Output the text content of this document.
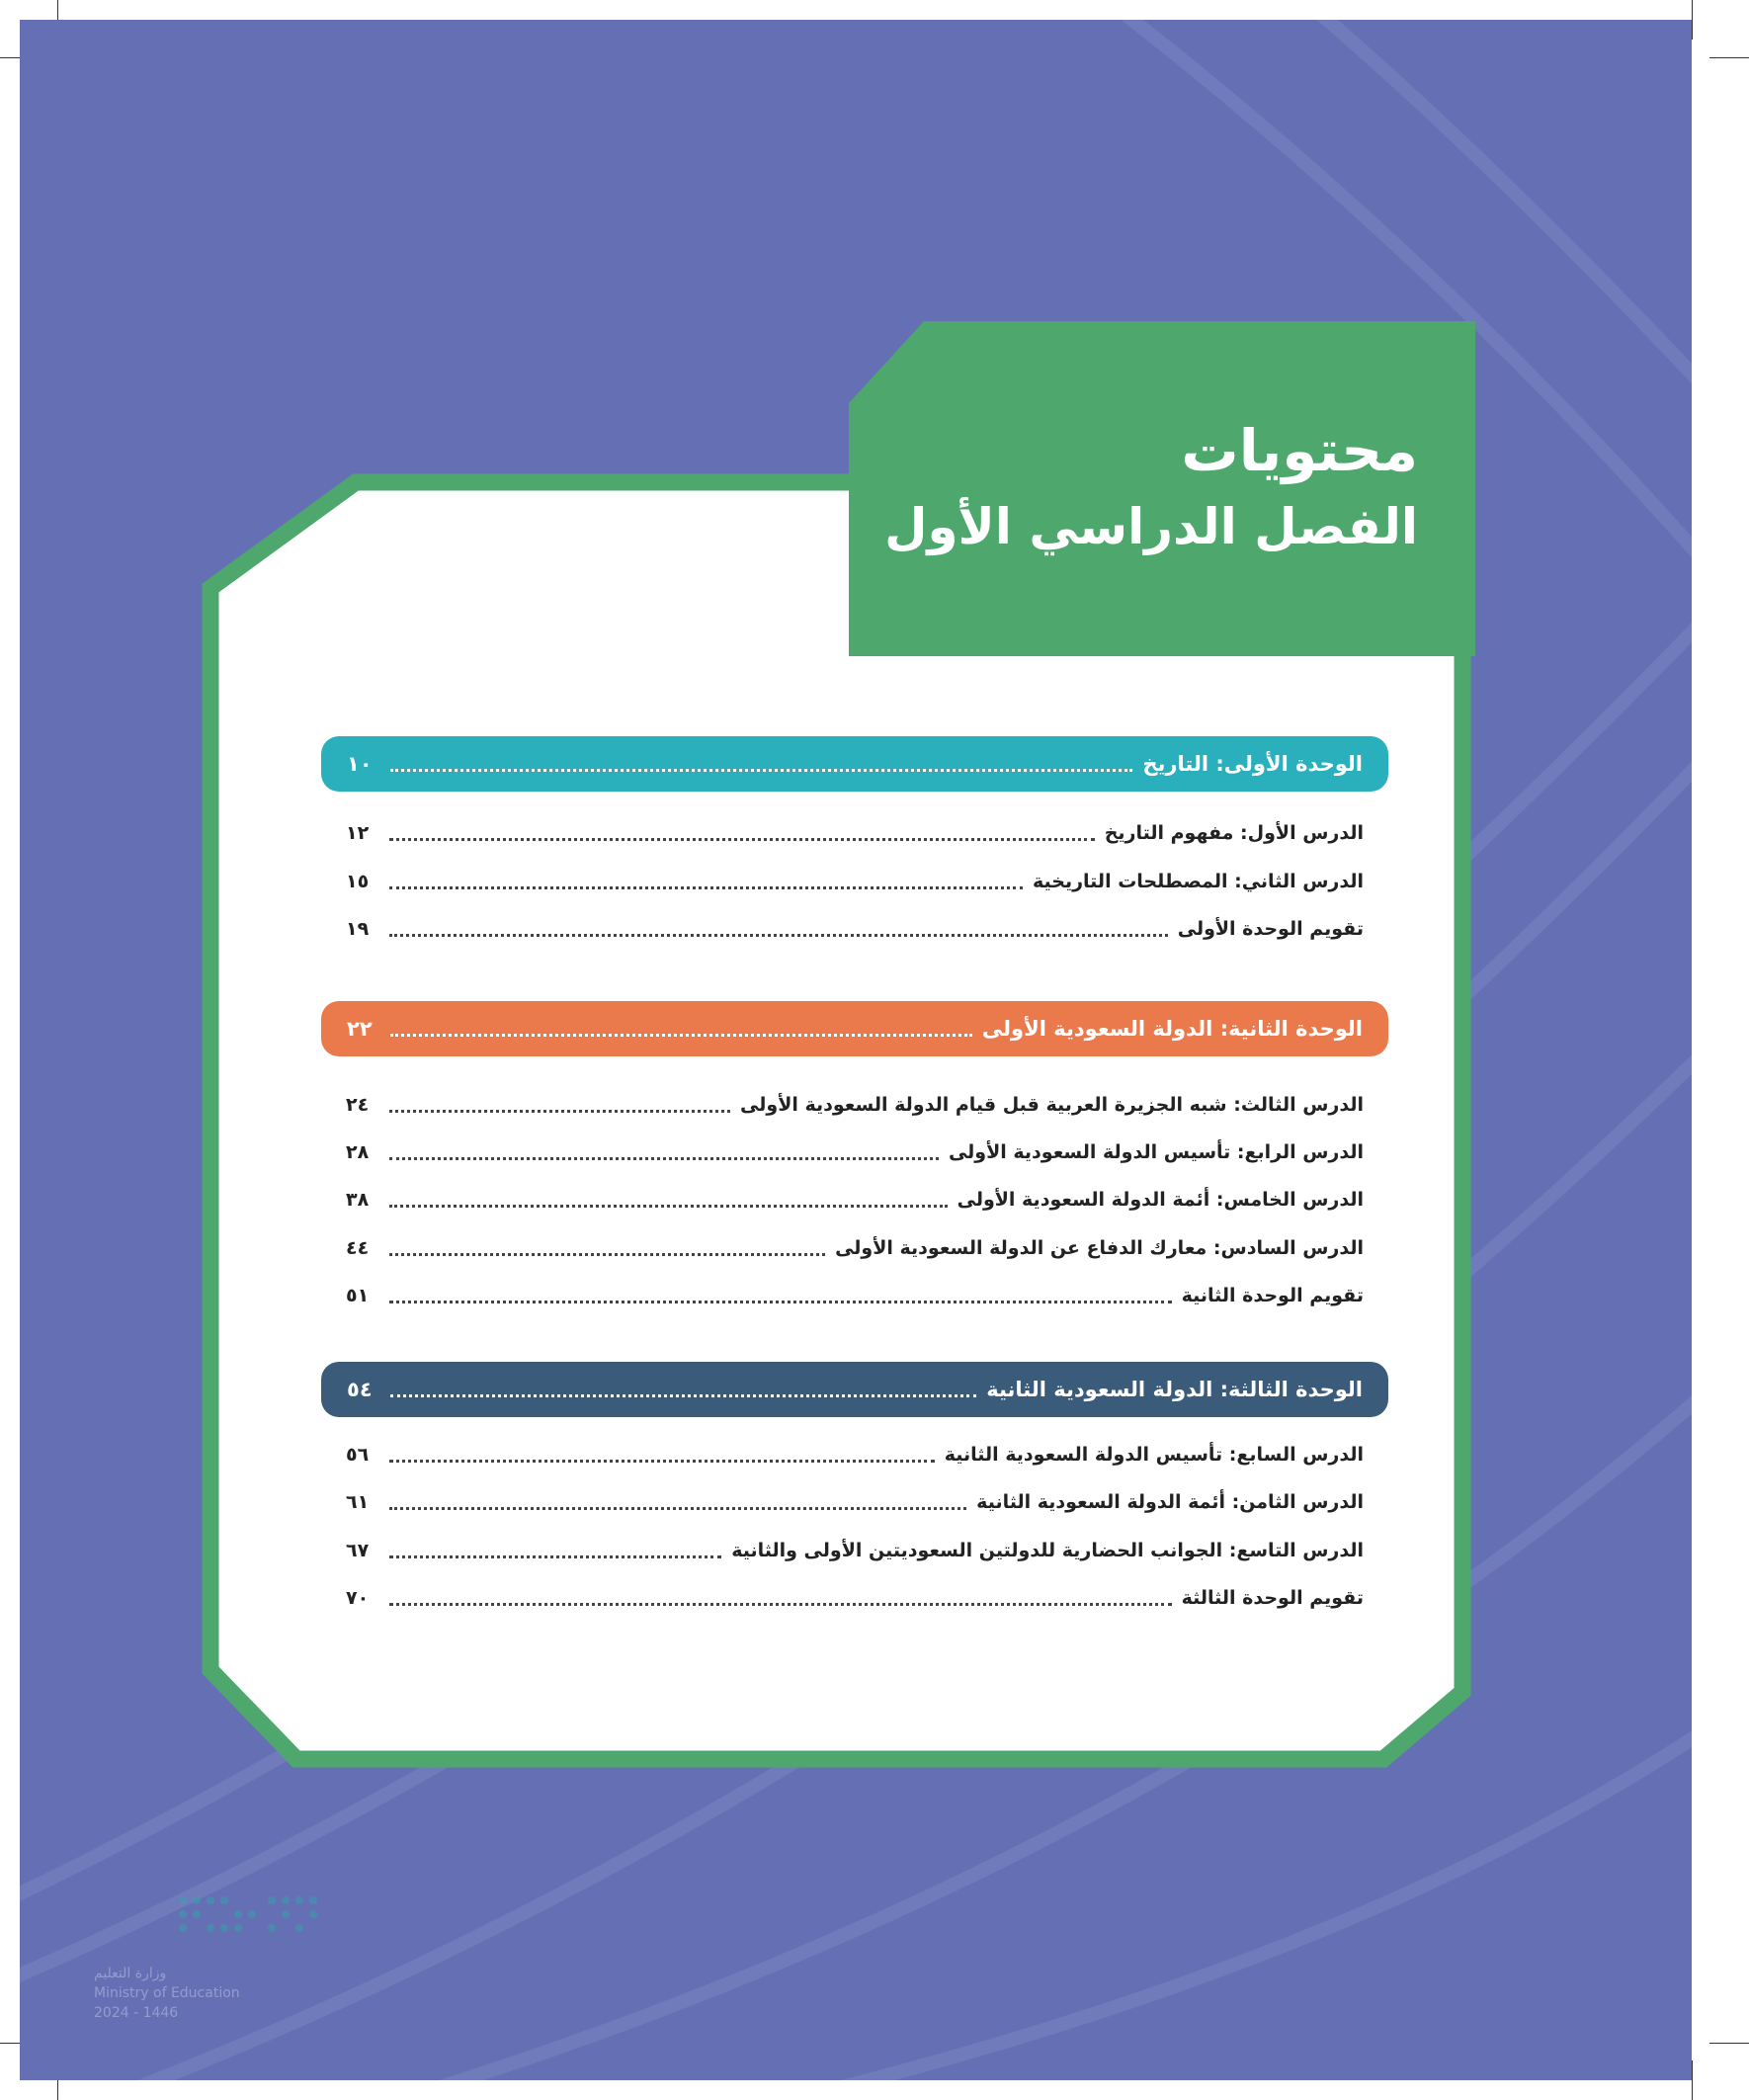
محتويات

الفصل الدراسي الأول

الوحدة الأولى: التاريخ
١٠
الدرس الأول: مفهوم التاريخ
١٢
الدرس الثاني: المصطلحات التاريخية
١٥
تقويم الوحدة الأولى
١٩
الوحدة الثانية: الدولة السعودية الأولى
٢٢
الدرس الثالث: شبه الجزيرة العربية قبل قيام الدولة السعودية الأولى
٢٤
الدرس الرابع: تأسيس الدولة السعودية الأولى
٢٨
الدرس الخامس: أئمة الدولة السعودية الأولى
٣٨
الدرس السادس: معارك الدفاع عن الدولة السعودية الأولى
٤٤
تقويم الوحدة الثانية
٥١
الوحدة الثالثة: الدولة السعودية الثانية
٥٤
الدرس السابع: تأسيس الدولة السعودية الثانية
٥٦
الدرس الثامن: أئمة الدولة السعودية الثانية
٦١
الدرس التاسع: الجوانب الحضارية للدولتين السعوديتين الأولى والثانية
٦٧
تقويم الوحدة الثالثة
٧٠
وزارة التعليم
Ministry of Education
2024 - 1446
